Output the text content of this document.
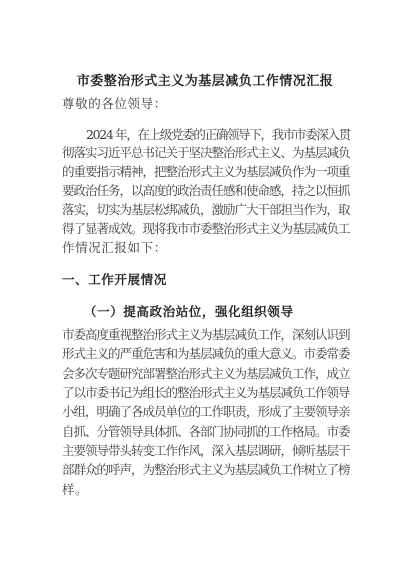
市委整治形式主义为基层减负工作情况汇报
尊敬的各位领导：
2024 年，在上级党委的正确领导下，我市市委深入贯
彻落实习近平总书记关于坚决整治形式主义、为基层减负
的重要指示精神，把整治形式主义为基层减负作为一项重
要政治任务，以高度的政治责任感和使命感，持之以恒抓
落实，切实为基层松绑减负，激励广大干部担当作为，取
得了显著成效。现将我市市委整治形式主义为基层减负工
作情况汇报如下：
一、工作开展情况
（一）提高政治站位，强化组织领导
市委高度重视整治形式主义为基层减负工作，深刻认识到
形式主义的严重危害和为基层减负的重大意义。市委常委
会多次专题研究部署整治形式主义为基层减负工作，成立
了以市委书记为组长的整治形式主义为基层减负工作领导
小组，明确了各成员单位的工作职责，形成了主要领导亲
自抓、分管领导具体抓、各部门协同抓的工作格局。市委
主要领导带头转变工作作风，深入基层调研，倾听基层干
部群众的呼声，为整治形式主义为基层减负工作树立了榜
样。
